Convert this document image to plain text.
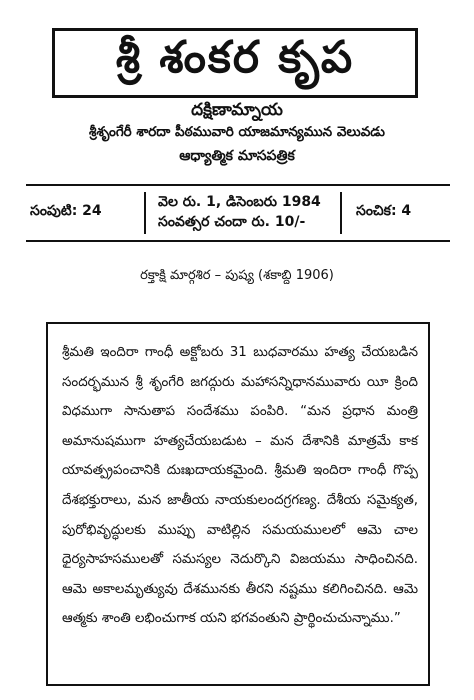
శ్రీ శంకర కృప
దక్షిణామ్నాయ
శ్రీశృంగేరీ శారదా పీఠమువారి యాజమాన్యమున వెలువడు
ఆధ్యాత్మిక మాసపత్రిక
సంపుటి: 24
వెల రు. 1, డిసెంబరు 1984
సంవత్సర చందా రు. 10/-
సంచిక: 4
రక్తాక్షి మార్గశిర – పుష్య (శకాబ్ది 1906)

శ్రీమతి ఇందిరా గాంధీ అక్టోబరు 31 బుధవారము హత్య చేయబడిన సందర్భమున శ్రీ శృంగేరి జగద్గురు మహాసన్నిధానమువారు యీ క్రింది విధముగా సానుతాప సందేశము పంపిరి. “మన ప్రధాన మంత్రి అమానుషముగా హత్యచేయబడుట – మన దేశానికి మాత్రమే కాక యావత్ప్రపంచానికి దుఃఖదాయకమైంది. శ్రీమతి ఇందిరా గాంధీ గొప్ప దేశభక్తురాలు, మన జాతీయ నాయకులందగ్రగణ్య. దేశీయ సమైక్యత, పురోభివృద్ధులకు ముప్పు వాటిల్లిన సమయములలో ఆమె చాల ధైర్యసాహసములతో సమస్యల నెదుర్కొని విజయము సాధించినది. ఆమె అకాలమృత్యువు దేశమునకు తీరని నష్టము కలిగించినది. ఆమె ఆత్మకు శాంతి లభించుగాక యని భగవంతుని ప్రార్థించుచున్నాము.”
